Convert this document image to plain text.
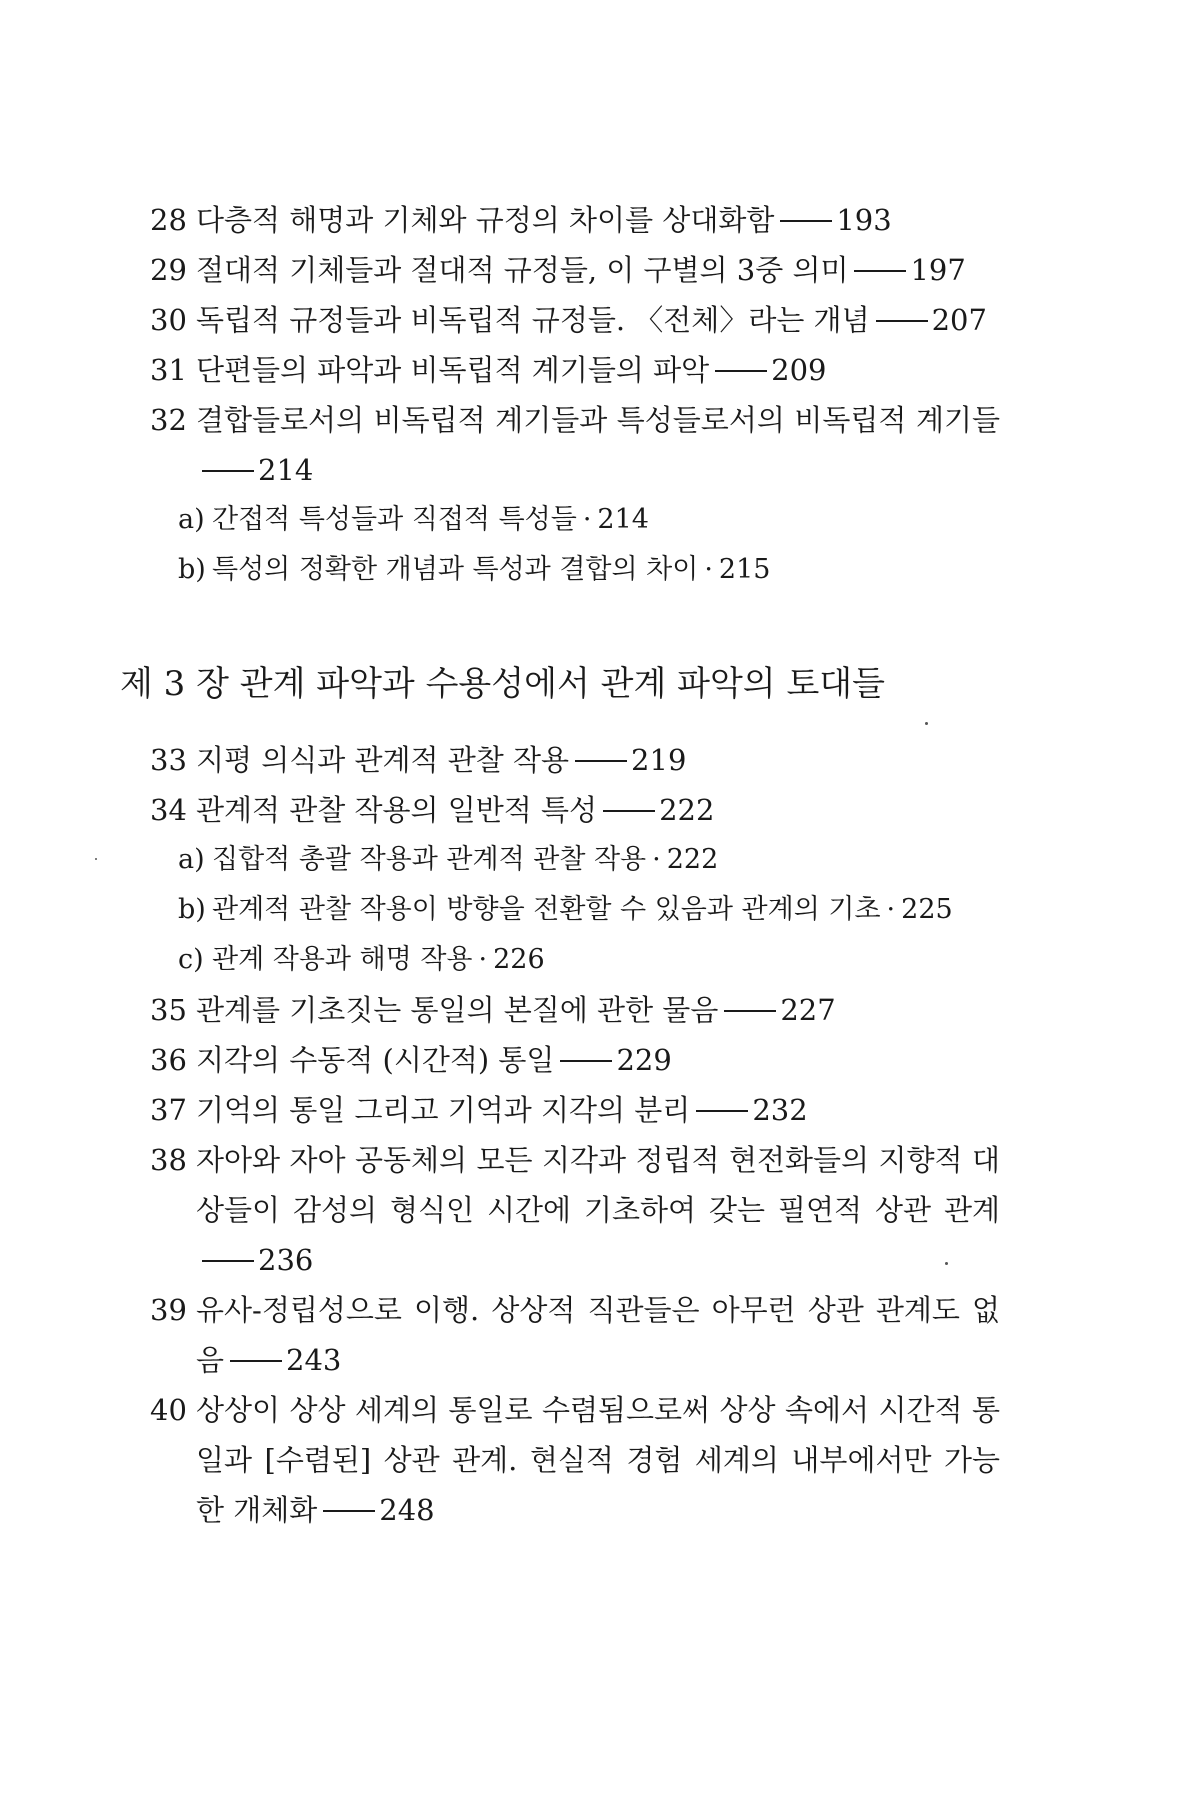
28 다층적 해명과 기체와 규정의 차이를 상대화함 193
29 절대적 기체들과 절대적 규정들, 이 구별의 3중 의미 197
30 독립적 규정들과 비독립적 규정들. 〈전체〉라는 개념 207
31 단편들의 파악과 비독립적 계기들의 파악 209
32 결합들로서의 비독립적 계기들과 특성들로서의 비독립적 계기들214
a) 간접적 특성들과 직접적 특성들 · 214
b) 특성의 정확한 개념과 특성과 결합의 차이 · 215
제 3 장 관계 파악과 수용성에서 관계 파악의 토대들
33 지평 의식과 관계적 관찰 작용 219
34 관계적 관찰 작용의 일반적 특성 222
a) 집합적 총괄 작용과 관계적 관찰 작용 · 222
b) 관계적 관찰 작용이 방향을 전환할 수 있음과 관계의 기초 · 225
c) 관계 작용과 해명 작용 · 226
35 관계를 기초짓는 통일의 본질에 관한 물음 227
36 지각의 수동적 (시간적) 통일 229
37 기억의 통일 그리고 기억과 지각의 분리 232
38 자아와 자아 공동체의 모든 지각과 정립적 현전화들의 지향적 대상들이 감성의 형식인 시간에 기초하여 갖는 필연적 상관 관계236
39 유사-정립성으로 이행. 상상적 직관들은 아무런 상관 관계도 없음 243
40 상상이 상상 세계의 통일로 수렴됨으로써 상상 속에서 시간적 통일과 [수렴된] 상관 관계. 현실적 경험 세계의 내부에서만 가능한 개체화 248
